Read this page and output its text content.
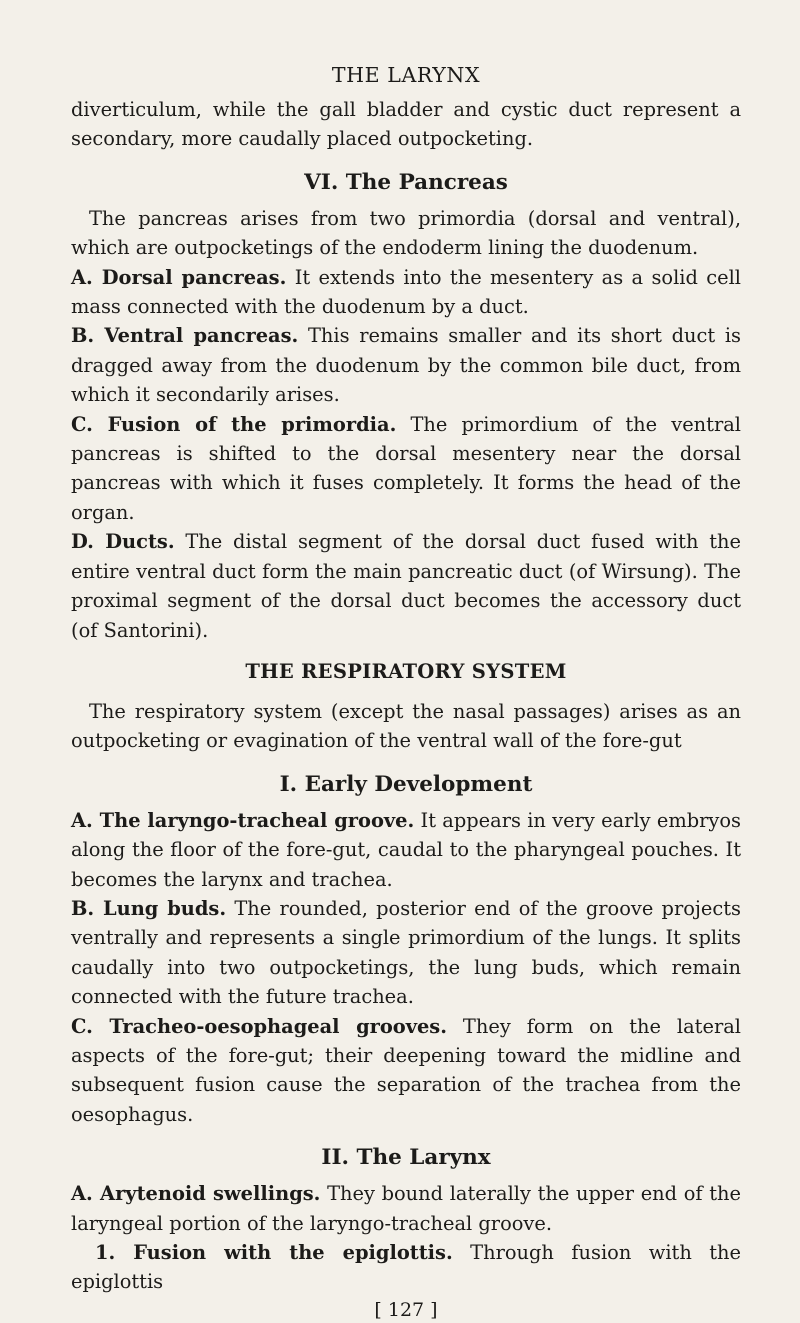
THE LARYNX

diverticulum, while the gall bladder and cystic duct represent a secondary, more caudally placed outpocketing.

VI. The Pancreas

The pancreas arises from two primordia (dorsal and ventral), which are outpocketings of the endoderm lining the duodenum.

A. Dorsal pancreas. It extends into the mesentery as a solid cell mass connected with the duodenum by a duct.

B. Ventral pancreas. This remains smaller and its short duct is dragged away from the duodenum by the common bile duct, from which it secondarily arises.

C. Fusion of the primordia. The primordium of the ventral pancreas is shifted to the dorsal mesentery near the dorsal pancreas with which it fuses completely. It forms the head of the organ.

D. Ducts. The distal segment of the dorsal duct fused with the entire ventral duct form the main pancreatic duct (of Wirsung). The proximal segment of the dorsal duct becomes the accessory duct (of Santorini).

THE RESPIRATORY SYSTEM

The respiratory system (except the nasal passages) arises as an outpocketing or evagination of the ventral wall of the fore-gut

I. Early Development

A. The laryngo-tracheal groove. It appears in very early embryos along the floor of the fore-gut, caudal to the pharyngeal pouches. It becomes the larynx and trachea.

B. Lung buds. The rounded, posterior end of the groove projects ventrally and represents a single primordium of the lungs. It splits caudally into two outpocketings, the lung buds, which remain connected with the future trachea.

C. Tracheo-oesophageal grooves. They form on the lateral aspects of the fore-gut; their deepening toward the midline and subsequent fusion cause the separation of the trachea from the oesophagus.

II. The Larynx

A. Arytenoid swellings. They bound laterally the upper end of the laryngeal portion of the laryngo-tracheal groove.

1. Fusion with the epiglottis. Through fusion with the epiglottis

[ 127 ]
